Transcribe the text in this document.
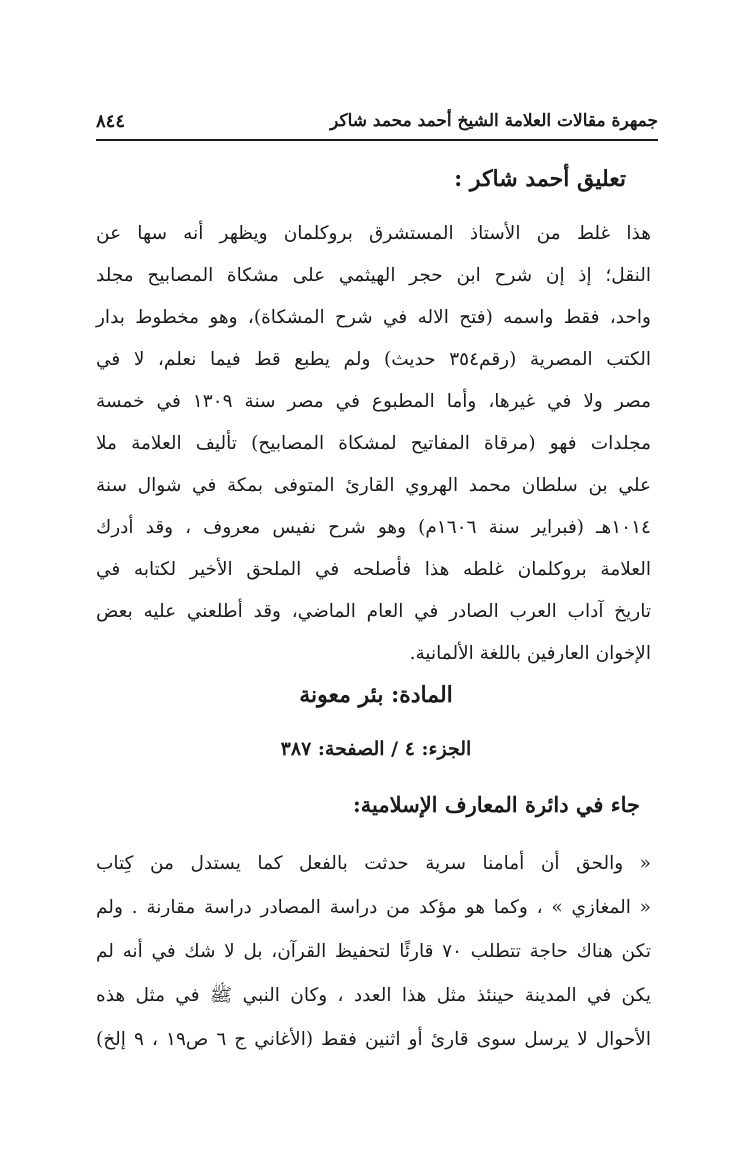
جمهرة مقالات العلامة الشيخ أحمد محمد شاكر
٨٤٤
تعليق أحمد شاكر :
هذا غلط من الأستاذ المستشرق بروكلمان ويظهر أنه سها عن
النقل؛ إذ إن شرح ابن حجر الهيثمي على مشكاة المصابيح مجلد
واحد، فقط واسمه (فتح الاله في شرح المشكاة)، وهو مخطوط بدار
الكتب المصرية (رقم٣٥٤ حديث) ولم يطبع قط فيما نعلم، لا في
مصر ولا في غيرها، وأما المطبوع في مصر سنة ١٣٠٩ في خمسة
مجلدات فهو (مرقاة المفاتيح لمشكاة المصابيح) تأليف العلامة ملا
علي بن سلطان محمد الهروي القارئ المتوفى بمكة في شوال سنة
١٠١٤هـ (فبراير سنة ١٦٠٦م) وهو شرح نفيس معروف ، وقد أدرك
العلامة بروكلمان غلطه هذا فأصلحه في الملحق الأخير لكتابه في
تاريخ آداب العرب الصادر في العام الماضي، وقد أطلعني عليه بعض
الإخوان العارفين باللغة الألمانية.
المادة: بئر معونة
الجزء: ٤ / الصفحة: ٣٨٧
جاء في دائرة المعارف الإسلامية:
« والحق أن أمامنا سرية حدثت بالفعل كما يستدل من كِتاب
« المغازي » ، وكما هو مؤكد من دراسة المصادر دراسة مقارنة . ولم
تكن هناك حاجة تتطلب ٧٠ قارئًا لتحفيظ القرآن، بل لا شك في أنه لم
يكن في المدينة حينئذ مثل هذا العدد ، وكان النبي ﷺ في مثل هذه
الأحوال لا يرسل سوى قارئ أو اثنين فقط (الأغاني ج ٦ ص١٩ ، ٩ إلخ)
